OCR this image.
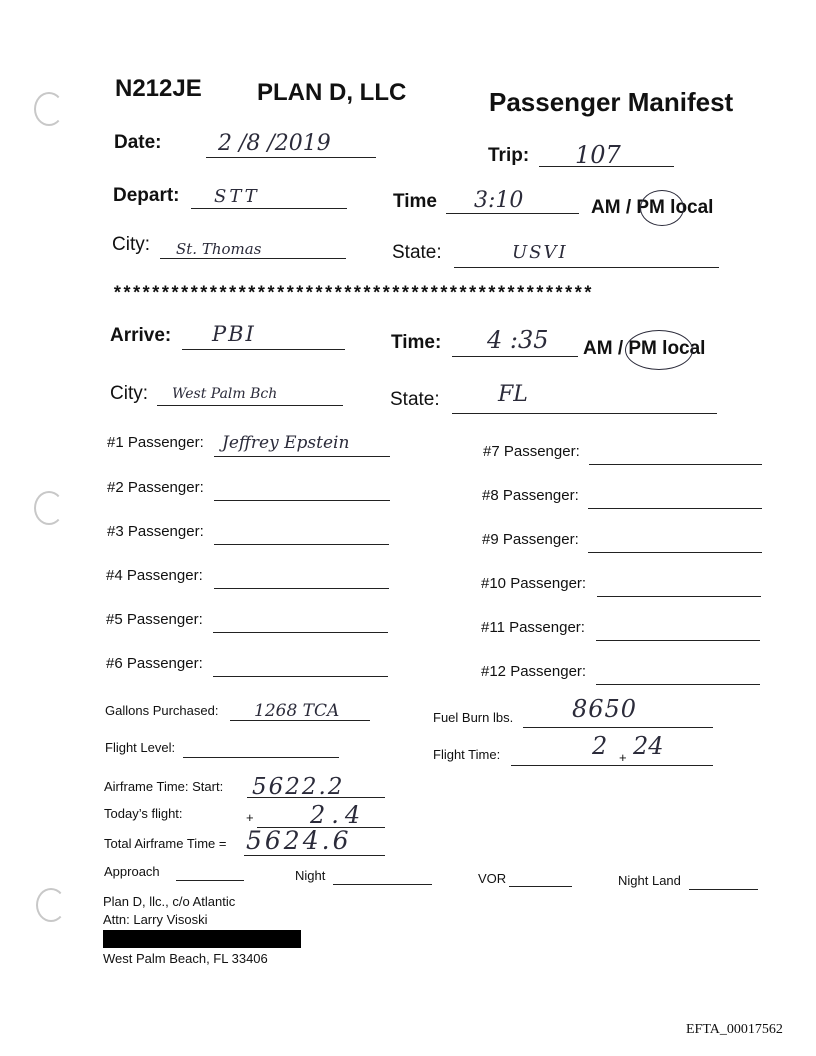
N212JE PLAN D, LLC	Passenger Manifest
Date:	2 /8 /2019	Trip: 107
Depart: STT	Time 3:10	AM / PM local
City: St. Thomas	State:	USVI
**************************************************
Arrive: PBI	Time: 4 :35 AM / PM local
City: West Palm Bch	State:	FL
#1 Passenger: Jeffrey Epstein
#2 Passenger:
#3 Passenger:
#4 Passenger:
#5 Passenger:
#6 Passenger:
#7 Passenger:
#8 Passenger:
#9 Passenger:
#10 Passenger:
#11 Passenger:
#12 Passenger:
Gallons Purchased: 1268 TCA	Fuel Burn lbs. 8650
Flight Level:	Flight Time:	2 + 24
Airframe Time: Start: 5622.2
Today’s flight:	+ 2.4
Total Airframe Time = 5624.6
Approach	Night	VOR	Night Land
Plan D, llc., c/o Atlantic
Attn: Larry Visoski
West Palm Beach, FL 33406
EFTA_00017562
